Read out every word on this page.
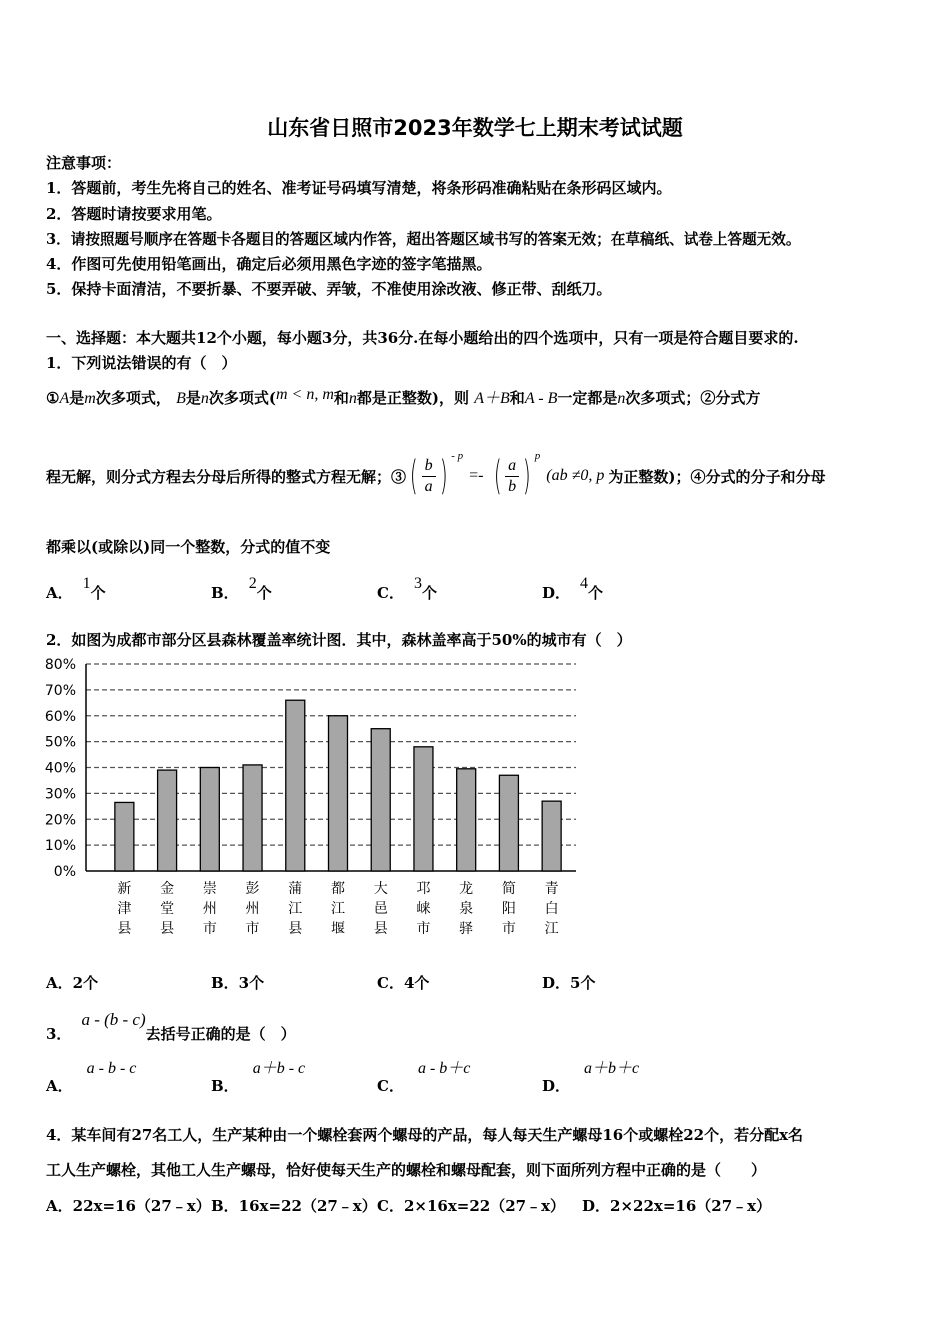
山东省日照市2023年数学七上期末考试试题
注意事项：
1．答题前，考生先将自己的姓名、准考证号码填写清楚，将条形码准确粘贴在条形码区域内。
2．答题时请按要求用笔。
3．请按照题号顺序在答题卡各题目的答题区域内作答，超出答题区域书写的答案无效；在草稿纸、试卷上答题无效。
4．作图可先使用铅笔画出，确定后必须用黑色字迹的签字笔描黑。
5．保持卡面清洁，不要折暴、不要弄破、弄皱，不准使用涂改液、修正带、刮纸刀。
一、选择题：本大题共12个小题，每小题3分，共36分.在每小题给出的四个选项中，只有一项是符合题目要求的.
1．下列说法错误的有（　）
①A是m次多项式， B是n次多项式(m < n, m和n都是正整数)，则 A＋B和A - B一定都是n次多项式；②分式方
程无解，则分式方程去分母后所得的整式方程无解；③ ( $\frac{b}{a}$ ) $^{- p}$
=- ( $\frac{a}{b}$ ) $^p$
(ab ≠0, p 为正整数)；④分式的分子和分母
都乘以(或除以)同一个整数，分式的值不变
A．1个	B．2个	C．3个	D．4个
2．如图为成都市部分区县森林覆盖率统计图．其中，森林盖率高于50%的城市有（　）
0%
10%
20%
30%
40%
50%
60%
70%
80%
新
津
县
金
堂
县
崇
州
市
彭
州
市
蒲
江
县
都
江
堰
大
邑
县
邛
崃
市
龙
泉
驿
简
阳
市
青
白
江
A．2个	B．3个	C．4个	D．5个
3．
a - (b - c)
去括号正确的是（　）
A．
a - b - c
B．
a＋b - c
C．
a - b＋c
D．
a＋b＋c
4．某车间有27名工人，生产某种由一个螺栓套两个螺母的产品，每人每天生产螺母16个或螺栓22个，若分配x名
工人生产螺栓，其他工人生产螺母，恰好使每天生产的螺栓和螺母配套，则下面所列方程中正确的是（　　）
A．22x=16（27﹣x） B．16x=22（27﹣x） C．2×16x=22（27﹣x） D．2×22x=16（27﹣x）
